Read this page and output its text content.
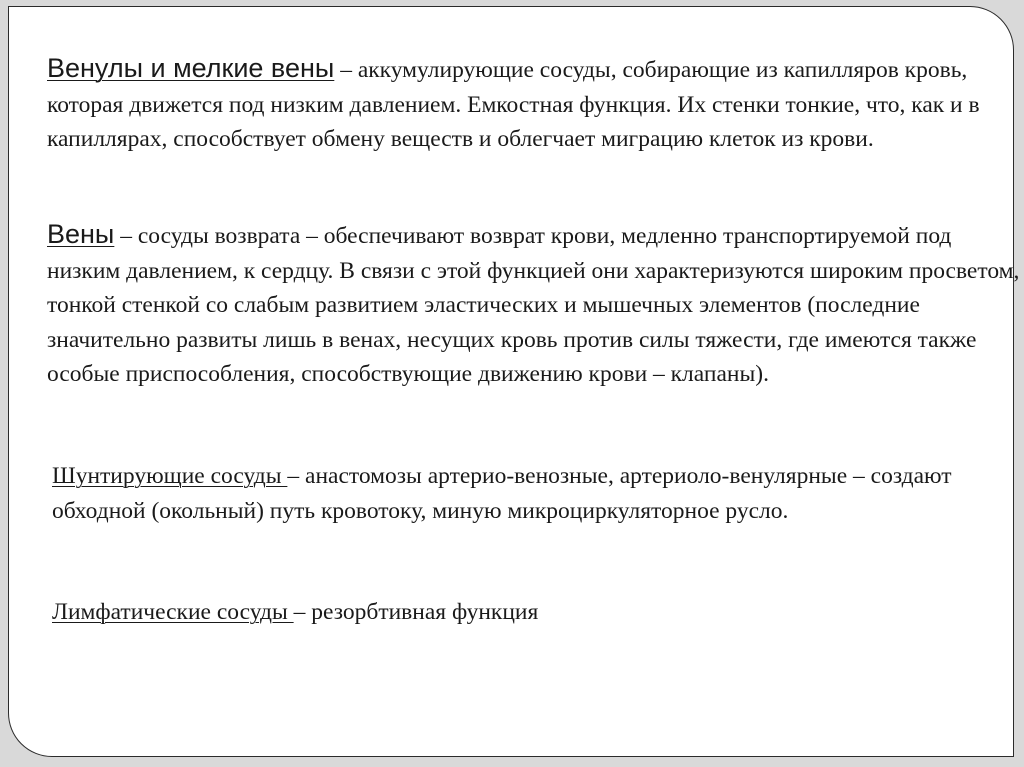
Венулы и мелкие вены – аккумулирующие сосуды, собирающие из капилляров кровь, которая движется под низким давлением. Емкостная функция. Их стенки тонкие, что, как и в капиллярах, способствует обмену веществ и облегчает миграцию клеток из крови.

Вены – сосуды возврата – обеспечивают возврат крови, медленно транспортируемой под низким давлением, к сердцу. В связи с этой функцией они характеризуются широким просветом, тонкой стенкой со слабым развитием эластических и мышечных элементов (последние значительно развиты лишь в венах, несущих кровь против силы тяжести, где имеются также особые приспособления, способствующие движению крови – клапаны).

Шунтирующие сосуды – анастомозы артерио-венозные, артериоло-венулярные – создают обходной (окольный) путь кровотоку, миную микроциркуляторное русло.

Лимфатические сосуды – резорбтивная функция
